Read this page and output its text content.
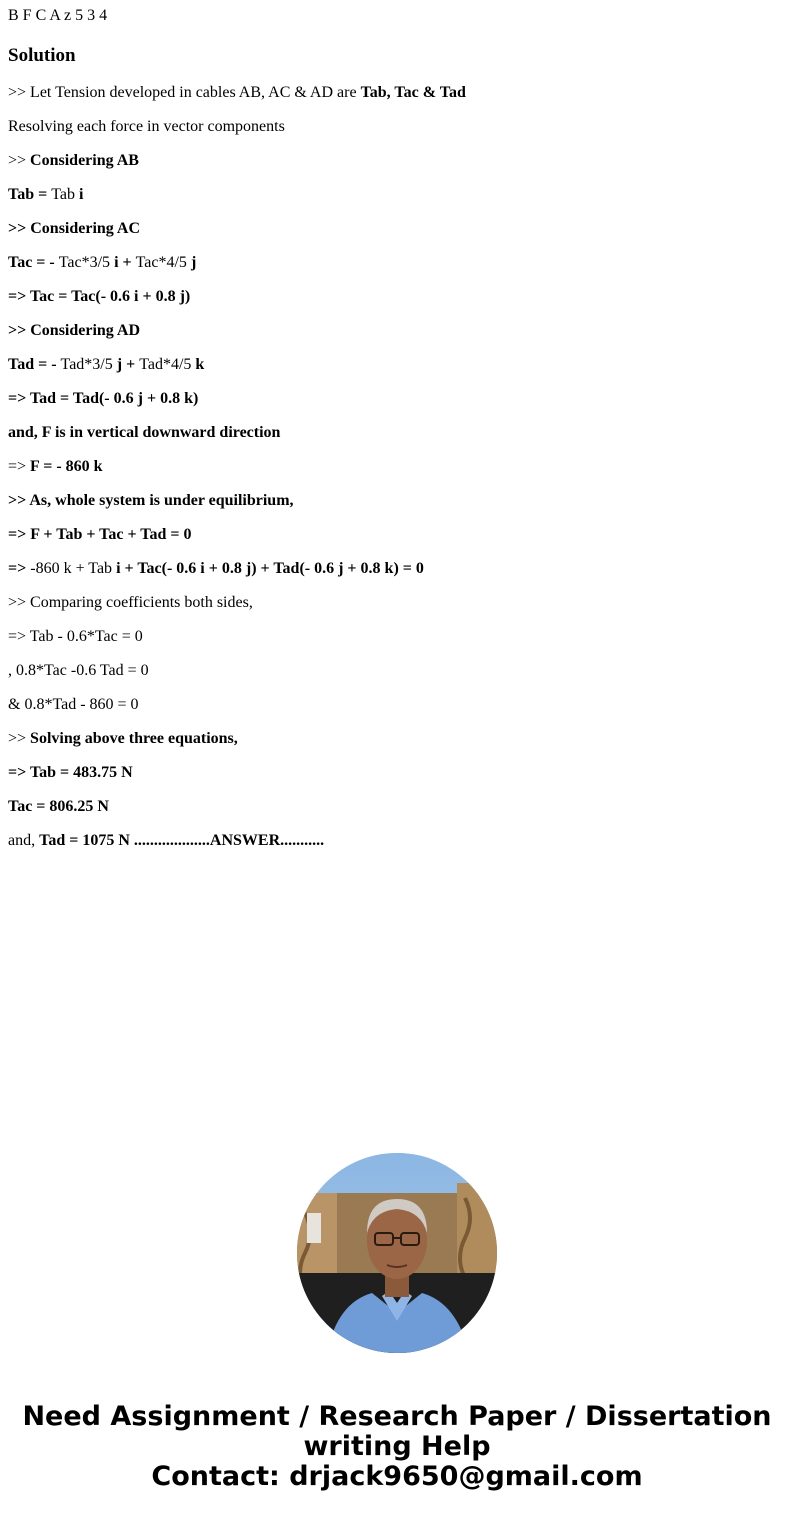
B F C A z 5 3 4
Solution
>> Let Tension developed in cables AB, AC & AD are Tab, Tac & Tad
Resolving each force in vector components
>> Considering AB
Tab = Tab i
>> Considering AC
Tac = - Tac*3/5 i + Tac*4/5 j
=> Tac = Tac(- 0.6 i + 0.8 j)
>> Considering AD
Tad = - Tad*3/5 j + Tad*4/5 k
=> Tad = Tad(- 0.6 j + 0.8 k)
and, F is in vertical downward direction
=> F = - 860 k
>> As, whole system is under equilibrium,
=> F + Tab + Tac + Tad = 0
=> -860 k + Tab i + Tac(- 0.6 i + 0.8 j) + Tad(- 0.6 j + 0.8 k) = 0
>> Comparing coefficients both sides,
=> Tab - 0.6*Tac = 0
, 0.8*Tac -0.6 Tad = 0
& 0.8*Tad - 860 = 0
>> Solving above three equations,
=> Tab = 483.75 N
Tac = 806.25 N
and, Tad = 1075 N ...................ANSWER...........
Need Assignment / Research Paper / Dissertation
writing Help
Contact: drjack9650@gmail.com
